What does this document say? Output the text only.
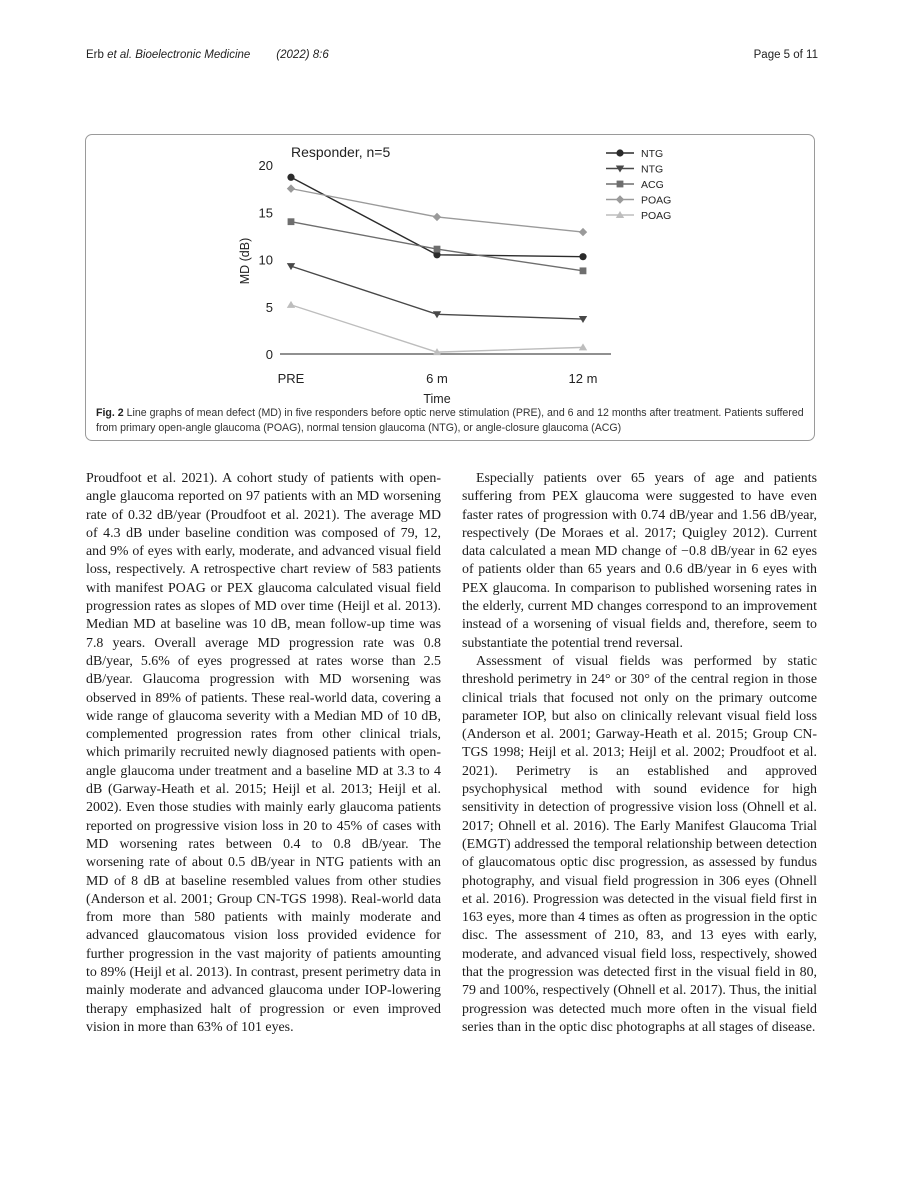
Erb et al. Bioelectronic Medicine (2022) 8:6	Page 5 of 11
Responder, n=5
0
5
10
15
20
PRE	6 m	12 m
NTG
NTG
ACG
POAG
POAG
Time
MD (dB)
Fig. 2 Line graphs of mean defect (MD) in five responders before optic nerve stimulation (PRE), and 6 and 12 months after treatment. Patients suffered from primary open-angle glaucoma (POAG), normal tension glaucoma (NTG), or angle-closure glaucoma (ACG)

Proudfoot et al. 2021). A cohort study of patients with open-angle glaucoma reported on 97 patients with an MD worsening rate of 0.32 dB/year (Proudfoot et al. 2021). The average MD of 4.3 dB under baseline condition was composed of 79, 12, and 9% of eyes with early, moderate, and advanced visual field loss, respectively. A retrospective chart review of 583 patients with manifest POAG or PEX glaucoma calculated visual field progression rates as slopes of MD over time (Heijl et al. 2013). Median MD at baseline was 10 dB, mean follow-up time was 7.8 years. Overall average MD progression rate was 0.8 dB/year, 5.6% of eyes progressed at rates worse than 2.5 dB/year. Glaucoma progression with MD worsening was observed in 89% of patients. These real-world data, covering a wide range of glaucoma severity with a Median MD of 10 dB, complemented progression rates from other clinical trials, which primarily recruited newly diagnosed patients with open-angle glaucoma under treatment and a baseline MD at 3.3 to 4 dB (Garway-Heath et al. 2015; Heijl et al. 2013; Heijl et al. 2002). Even those studies with mainly early glaucoma patients reported on progressive vision loss in 20 to 45% of cases with MD worsening rates between 0.4 to 0.8 dB/year. The worsening rate of about 0.5 dB/year in NTG patients with an MD of 8 dB at baseline resembled values from other studies (Anderson et al. 2001; Group CN-TGS 1998). Real-world data from more than 580 patients with mainly moderate and advanced glaucomatous vision loss provided evidence for further progression in the vast majority of patients amounting to 89% (Heijl et al. 2013). In contrast, present perimetry data in mainly moderate and advanced glaucoma under IOP-lowering therapy emphasized halt of progression or even improved vision in more than 63% of 101 eyes.

Especially patients over 65 years of age and patients suffering from PEX glaucoma were suggested to have even faster rates of progression with 0.74 dB/year and 1.56 dB/year, respectively (De Moraes et al. 2017; Quigley 2012). Current data calculated a mean MD change of −0.8 dB/year in 62 eyes of patients older than 65 years and 0.6 dB/year in 6 eyes with PEX glaucoma. In comparison to published worsening rates in the elderly, current MD changes correspond to an improvement instead of a worsening of visual fields and, therefore, seem to substantiate the potential trend reversal.

Assessment of visual fields was performed by static threshold perimetry in 24° or 30° of the central region in those clinical trials that focused not only on the primary outcome parameter IOP, but also on clinically relevant visual field loss (Anderson et al. 2001; Garway-Heath et al. 2015; Group CN-TGS 1998; Heijl et al. 2013; Heijl et al. 2002; Proudfoot et al. 2021). Perimetry is an established and approved psychophysical method with sound evidence for high sensitivity in detection of progressive vision loss (Ohnell et al. 2017; Ohnell et al. 2016). The Early Manifest Glaucoma Trial (EMGT) addressed the temporal relationship between detection of glaucomatous optic disc progression, as assessed by fundus photography, and visual field progression in 306 eyes (Ohnell et al. 2016). Progression was detected in the visual field first in 163 eyes, more than 4 times as often as progression in the optic disc. The assessment of 210, 83, and 13 eyes with early, moderate, and advanced visual field loss, respectively, showed that the progression was detected first in the visual field in 80, 79 and 100%, respectively (Ohnell et al. 2017). Thus, the initial progression was detected much more often in the visual field series than in the optic disc photographs at all stages of disease.
